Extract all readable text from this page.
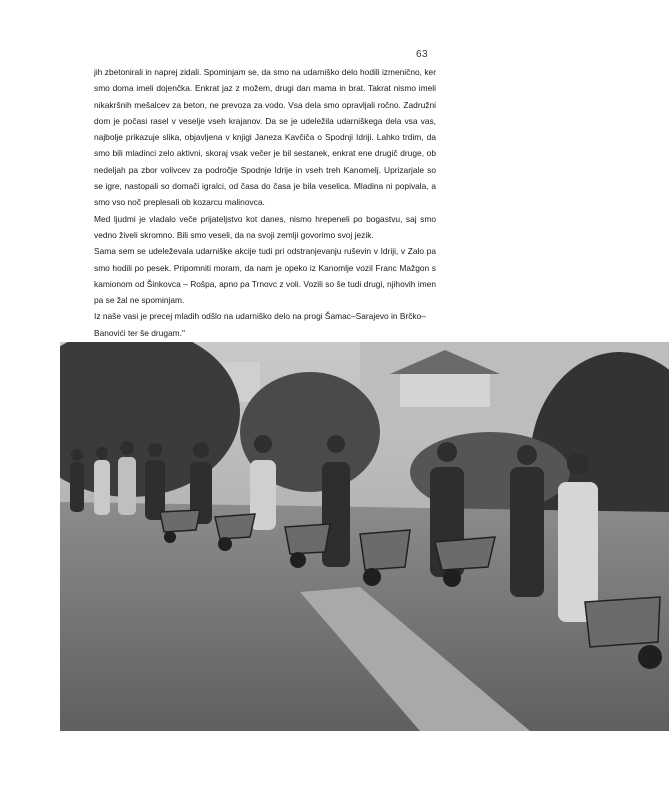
63

jih zbetonirali in naprej zidali. Spominjam se, da smo na udarniško delo hodili izmenično, ker smo doma imeli dojenčka. Enkrat jaz z možem, drugi dan mama in brat. Takrat nismo imeli nikakršnih mešalcev za beton, ne prevoza za vodo. Vsa dela smo opravljali ročno. Zadružni dom je počasi rasel v veselje vseh krajanov. Da se je udeležila udarniškega dela vsa vas, najbolje prikazuje slika, objavljena v knjigi Janeza Kavčiča o Spodnji Idriji. Lahko trdim, da smo bili mladinci zelo aktivni, skoraj vsak večer je bil sestanek, enkrat ene drugič druge, ob nedeljah pa zbor volivcev za področje Spodnje Idrije in vseh treh Kanomelj. Uprizarjale so se igre, nastopali so domači igralci, od časa do časa je bila veselica. Mladina ni popivala, a smo vso noč preplesali ob kozarcu malinovca.

Med ljudmi je vladalo veče prijateljstvo kot danes, nismo hrepeneli po bogastvu, saj smo vedno živeli skromno. Bili smo veseli, da na svoji zemlji govorimo svoj jezik.

Sama sem se udeleževala udarniške akcije tudi pri odstranjevanju ruševin v Idriji, v Zalo pa smo hodili po pesek. Pripomniti moram, da nam je opeko iz Kanomlje vozil Franc Mažgon s kamionom od Šinkovca – Rošpa, apno pa Trnovc z voli. Vozili so še tudi drugi, njihovih imen pa se žal ne spominjam.

Iz naše vasi je precej mladih odšlo na udarniško delo na progi Šamac–Sarajevo in Brčko–Banovići ter še drugam."
